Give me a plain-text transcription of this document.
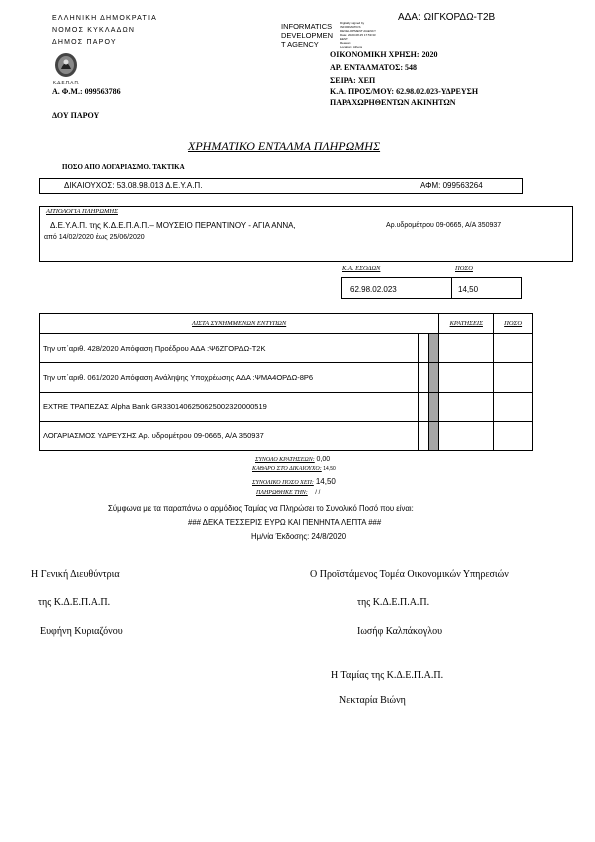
ΑΔΑ: ΩΙΓΚΟΡΔΩ-Τ2Β
ΕΛΛΗΝΙΚΗ ΔΗΜΟΚΡΑΤΙΑ
ΝΟΜΟΣ ΚΥΚΛΑΔΩΝ
ΔΗΜΟΣ ΠΑΡΟΥ
Κ.Δ.Ε.Π.Α.Π.
Α. Φ.Μ.: 099563786
ΔΟΥ ΠΑΡΟΥ
INFORMATICS
DEVELOPMEN
T AGENCY
Digitally signed by
INFORMATICS
DEVELOPMENT AGENCY
Date: 2020.08.25 17:59:33
EEST
Reason:
Location: Athens
ΟΙΚΟΝΟΜΙΚΗ ΧΡΗΣΗ: 2020
ΑΡ. ΕΝΤΑΛΜΑΤΟΣ: 548
ΣΕΙΡΑ: ΧΕΠ
Κ.Α. ΠΡΟΣ/ΜΟΥ: 62.98.02.023-ΥΔΡΕΥΣΗ
ΠΑΡΑΧΩΡΗΘΕΝΤΩΝ ΑΚΙΝΗΤΩΝ
ΧΡΗΜΑΤΙΚΟ ΕΝΤΑΛΜΑ ΠΛΗΡΩΜΗΣ
ΠΟΣΟ ΑΠΟ ΛΟΓΑΡΙΑΣΜΟ. ΤΑΚΤΙΚΑ
ΔΙΚΑΙΟΥΧΟΣ: 53.08.98.013 Δ.Ε.Υ.Α.Π.	ΑΦΜ: 099563264
ΑΙΤΙΟΛΟΓΙΑ ΠΛΗΡΩΜΗΣ
Δ.Ε.Υ.Α.Π. της Κ.Δ.Ε.Π.Α.Π.– ΜΟΥΣΕΙΟ ΠΕΡΑΝΤΙΝΟΥ - ΑΓΙΑ ΑΝΝΑ,	Αρ.υδρομέτρου 09-0665, Α/Α 350937
από 14/02/2020 έως 25/06/2020
Κ.Α. ΕΣΟΔΩΝ	ΠΟΣΟ
62.98.02.023	14,50
ΛΙΣΤΑ ΣΥΝΗΜΜΕΝΩΝ ΕΝΤΥΠΩΝ			ΚΡΑΤΗΣΕΙΣ	ΠΟΣΟ
Την υπ΄αριθ. 428/2020 Απόφαση Προέδρου ΑΔΑ :Ψ6ΖΓΟΡΔΩ-Τ2Κ				
Την υπ΄αριθ. 061/2020 Απόφαση Ανάληψης Υποχρέωσης ΑΔΑ :ΨΜΑ4ΟΡΔΩ-8Ρ6				
EXTRE ΤΡΑΠΕΖΑΣ Alpha Bank GR3301406250625002320000519				
ΛΟΓΑΡΙΑΣΜΟΣ ΥΔΡΕΥΣΗΣ Αρ. υδρομέτρου 09-0665, Α/Α 350937				
ΣΥΝΟΛΟ ΚΡΑΤΗΣΕΩΝ: 0,00
ΚΑΘΑΡΟ ΣΤΟ ΔΙΚΑΙΟΥΧΟ: 14,50
ΣΥΝΟΛΙΚΟ ΠΟΣΟ ΧΕΠ: 14,50
ΠΛΗΡΩΘΗΚΕ ΤΗΝ: / /
Σύμφωνα με τα παραπάνω ο αρμόδιος Ταμίας να Πληρώσει το Συνολικό Ποσό που είναι:
### ΔΕΚΑ ΤΕΣΣΕΡΙΣ ΕΥΡΩ ΚΑΙ ΠΕΝΗΝΤΑ ΛΕΠΤΑ ###
Ημ/νία Έκδοσης: 24/8/2020
Η Γενική Διευθύντρια
της Κ.Δ.Ε.Π.Α.Π.
Ευφήνη Κυριαζόνου
Ο Προϊστάμενος Τομέα Οικονομικών Υπηρεσιών
της Κ.Δ.Ε.Π.Α.Π.
Ιωσήφ Καλπάκογλου
Η Ταμίας της Κ.Δ.Ε.Π.Α.Π.
Νεκταρία Βιώνη
